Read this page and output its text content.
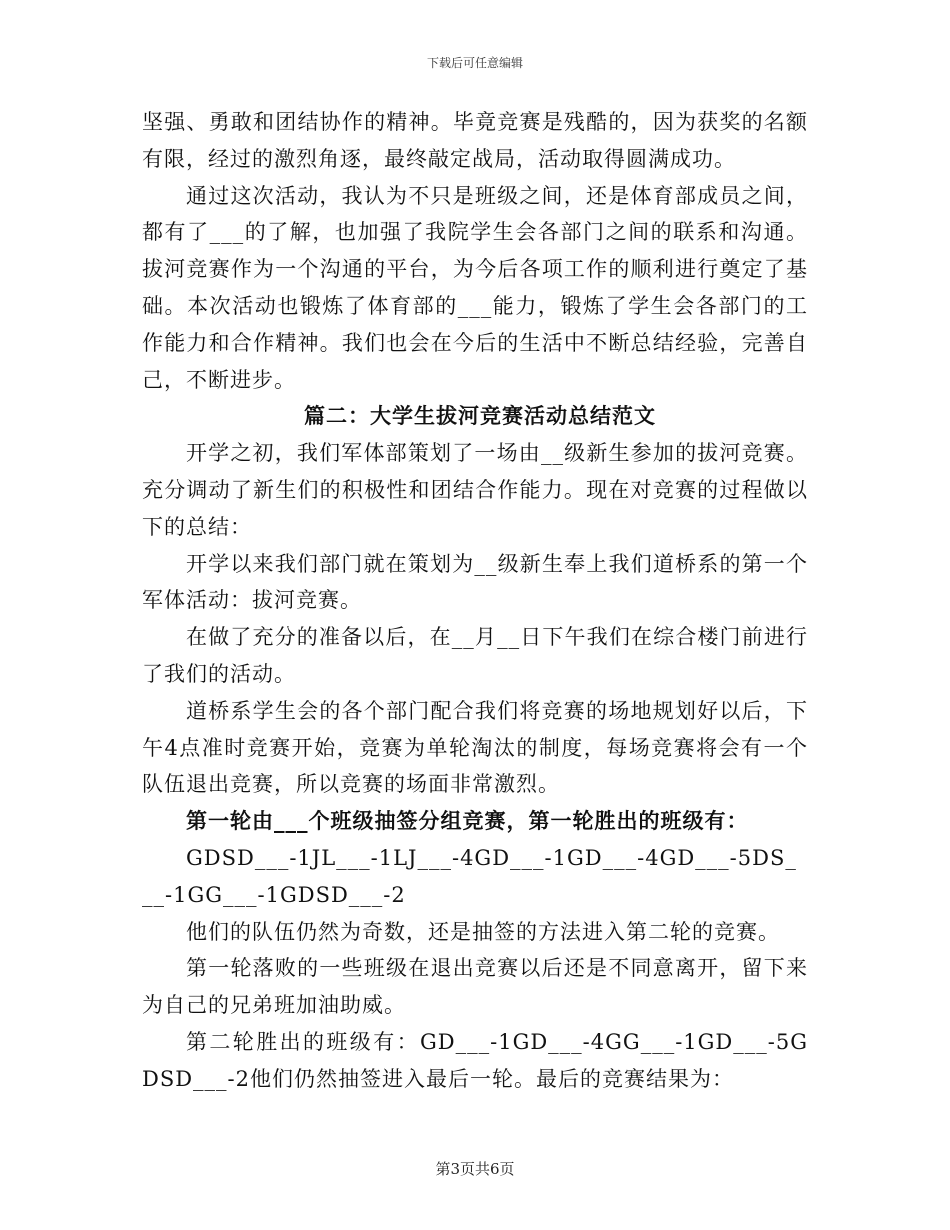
下载后可任意编辑

坚强、勇敢和团结协作的精神。毕竟竞赛是残酷的，因为获奖的名额有限，经过的激烈角逐，最终敲定战局，活动取得圆满成功。

通过这次活动，我认为不只是班级之间，还是体育部成员之间，都有了___的了解，也加强了我院学生会各部门之间的联系和沟通。拔河竞赛作为一个沟通的平台，为今后各项工作的顺利进行奠定了基础。本次活动也锻炼了体育部的___能力，锻炼了学生会各部门的工作能力和合作精神。我们也会在今后的生活中不断总结经验，完善自己，不断进步。

篇二：大学生拔河竞赛活动总结范文

开学之初，我们军体部策划了一场由__级新生参加的拔河竞赛。充分调动了新生们的积极性和团结合作能力。现在对竞赛的过程做以下的总结：

开学以来我们部门就在策划为__级新生奉上我们道桥系的第一个军体活动：拔河竞赛。

在做了充分的准备以后，在__月__日下午我们在综合楼门前进行了我们的活动。

道桥系学生会的各个部门配合我们将竞赛的场地规划好以后，下午4点准时竞赛开始，竞赛为单轮淘汰的制度，每场竞赛将会有一个队伍退出竞赛，所以竞赛的场面非常激烈。

第一轮由___个班级抽签分组竞赛，第一轮胜出的班级有：

GDSD___-1JL___-1LJ___-4GD___-1GD___-4GD___-5DS___-1GG___-1GDSD___-2

他们的队伍仍然为奇数，还是抽签的方法进入第二轮的竞赛。

第一轮落败的一些班级在退出竞赛以后还是不同意离开，留下来为自己的兄弟班加油助威。

第二轮胜出的班级有：GD___-1GD___-4GG___-1GD___-5GDSD___-2他们仍然抽签进入最后一轮。最后的竞赛结果为：

第3页共6页
